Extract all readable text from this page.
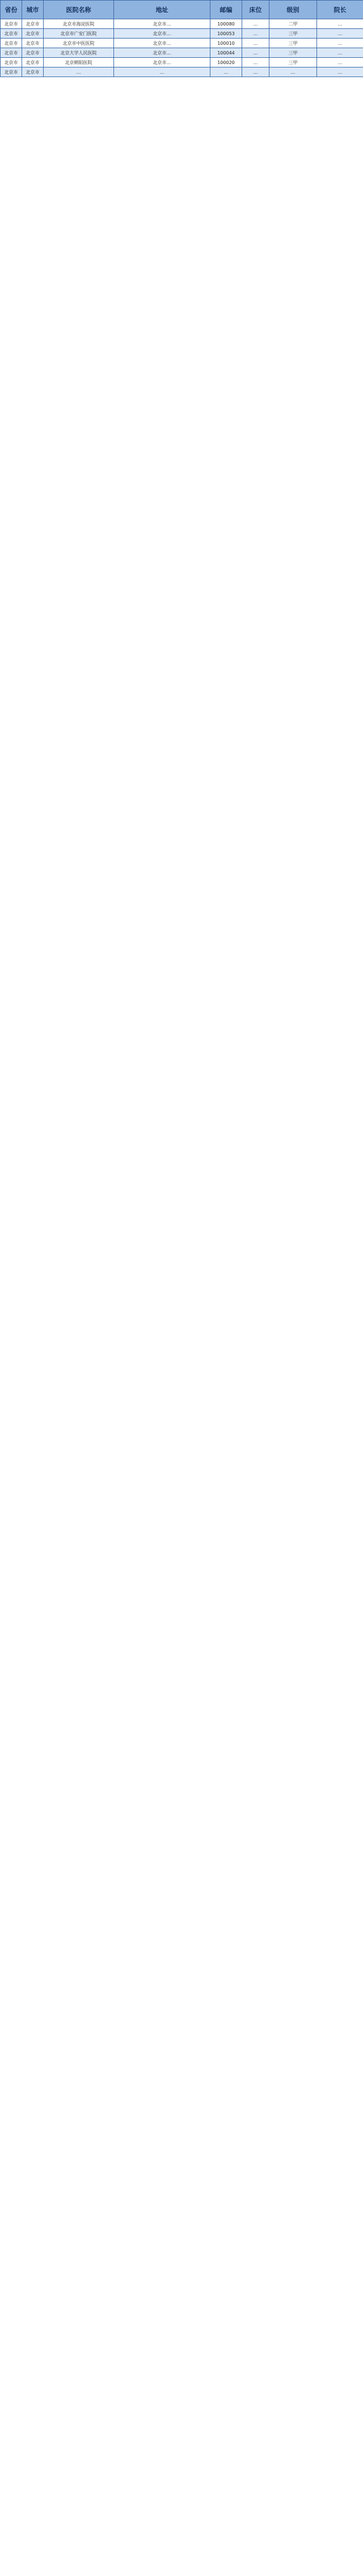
省份	城市	医院名称	地址	邮编	床位	级别	院长
北京市	北京市	北京市海淀医院	北京市…	100080	…	二甲	…
北京市	北京市	北京市广安门医院	北京市…	100053	…	三甲	…
北京市	北京市	北京市中医医院	北京市…	100010	…	三甲	…
北京市	北京市	北京大学人民医院	北京市…	100044	…	三甲	…
北京市	北京市	北京朝阳医院	北京市…	100020	…	三甲	…
北京市	北京市	…	…	…	…	…	…
